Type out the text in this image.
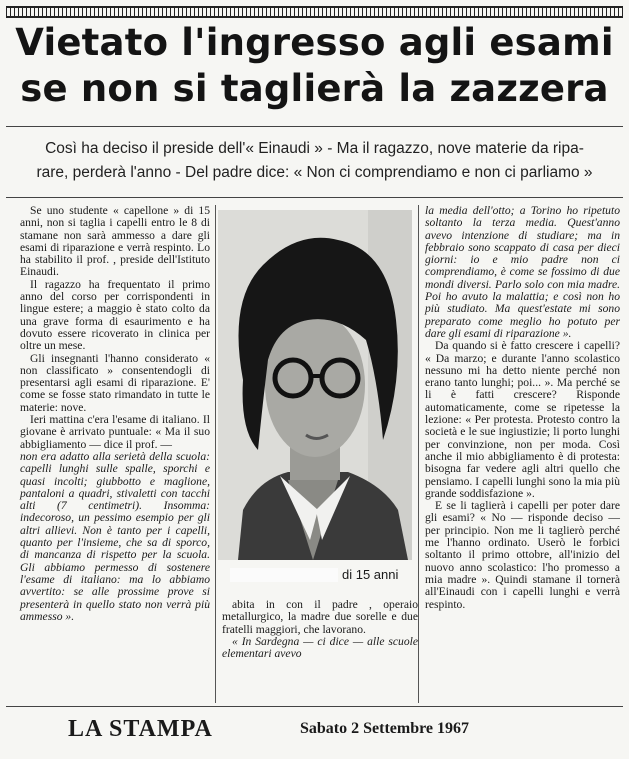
Vietato l'ingresso agli esami
se non si taglierà la zazzera
Così ha deciso il preside dell'« Einaudi » - Ma il ragazzo, nove materie da ripa-
rare, perderà l'anno - Del padre dice: « Non ci comprendiamo e non ci parliamo »

Se uno studente « capellone » di 15 anni, non si taglia i capelli entro le 8 di stamane non sarà ammesso a dare gli esami di riparazione e verrà respinto. Lo ha stabilito il prof. , preside dell'Istituto Einaudi.

Il ragazzo ha frequentato il primo anno del corso per corrispondenti in lingue estere; a maggio è stato colto da una grave forma di esaurimento e ha dovuto essere ricoverato in clinica per oltre un mese.

Gli insegnanti l'hanno considerato « non classificato » consentendogli di presentarsi agli esami di riparazione. E' come se fosse stato rimandato in tutte le materie: nove.

Ieri mattina c'era l'esame di italiano. Il giovane è arrivato puntuale: « Ma il suo abbigliamento — dice il prof. —

non era adatto alla serietà della scuola: capelli lunghi sulle spalle, sporchi e quasi incolti; giubbotto e maglione, pantaloni a quadri, stivaletti con tacchi alti (7 centimetri). Insomma: indecoroso, un pessimo esempio per gli altri allievi. Non è tanto per i capelli, quanto per l'insieme, che sa di sporco, di mancanza di rispetto per la scuola. Gli abbiamo permesso di sostenere l'esame di italiano: ma lo abbiamo avvertito: se alle prossime prove si presenterà in quello stato non verrà più ammesso ».

di 15 anni

abita in con il padre , operaio metallurgico, la madre due sorelle e due fratelli maggiori, che lavorano.

« In Sardegna — ci dice — alle scuole elementari avevo

la media dell'otto; a Torino ho ripetuto soltanto la terza media. Quest'anno avevo intenzione di studiare; ma in febbraio sono scappato di casa per dieci giorni: io e mio padre non ci comprendiamo, è come se fossimo di due mondi diversi. Parlo solo con mia madre. Poi ho avuto la malattia; e così non ho più studiato. Ma quest'estate mi sono preparato come meglio ho potuto per dare gli esami di riparazione ».

Da quando si è fatto crescere i capelli? « Da marzo; e durante l'anno scolastico nessuno mi ha detto niente perché non erano tanto lunghi; poi... ». Ma perché se li è fatti crescere? Risponde automaticamente, come se ripetesse la lezione: « Per protesta. Protesto contro la società e le sue ingiustizie; li porto lunghi per convinzione, non per moda. Così anche il mio abbigliamento è di protesta: bisogna far vedere agli altri quello che pensiamo. I capelli lunghi sono la mia più grande soddisfazione ».

E se li taglierà i capelli per poter dare gli esami? « No — risponde deciso — per principio. Non me li taglierò perché me l'hanno ordinato. Userò le forbici soltanto il primo ottobre, all'inizio del nuovo anno scolastico: l'ho promesso a mia madre ». Quindi stamane il tornerà all'Einaudi con i capelli lunghi e verrà respinto.

LA STAMPA	Sabato 2 Settembre 1967
